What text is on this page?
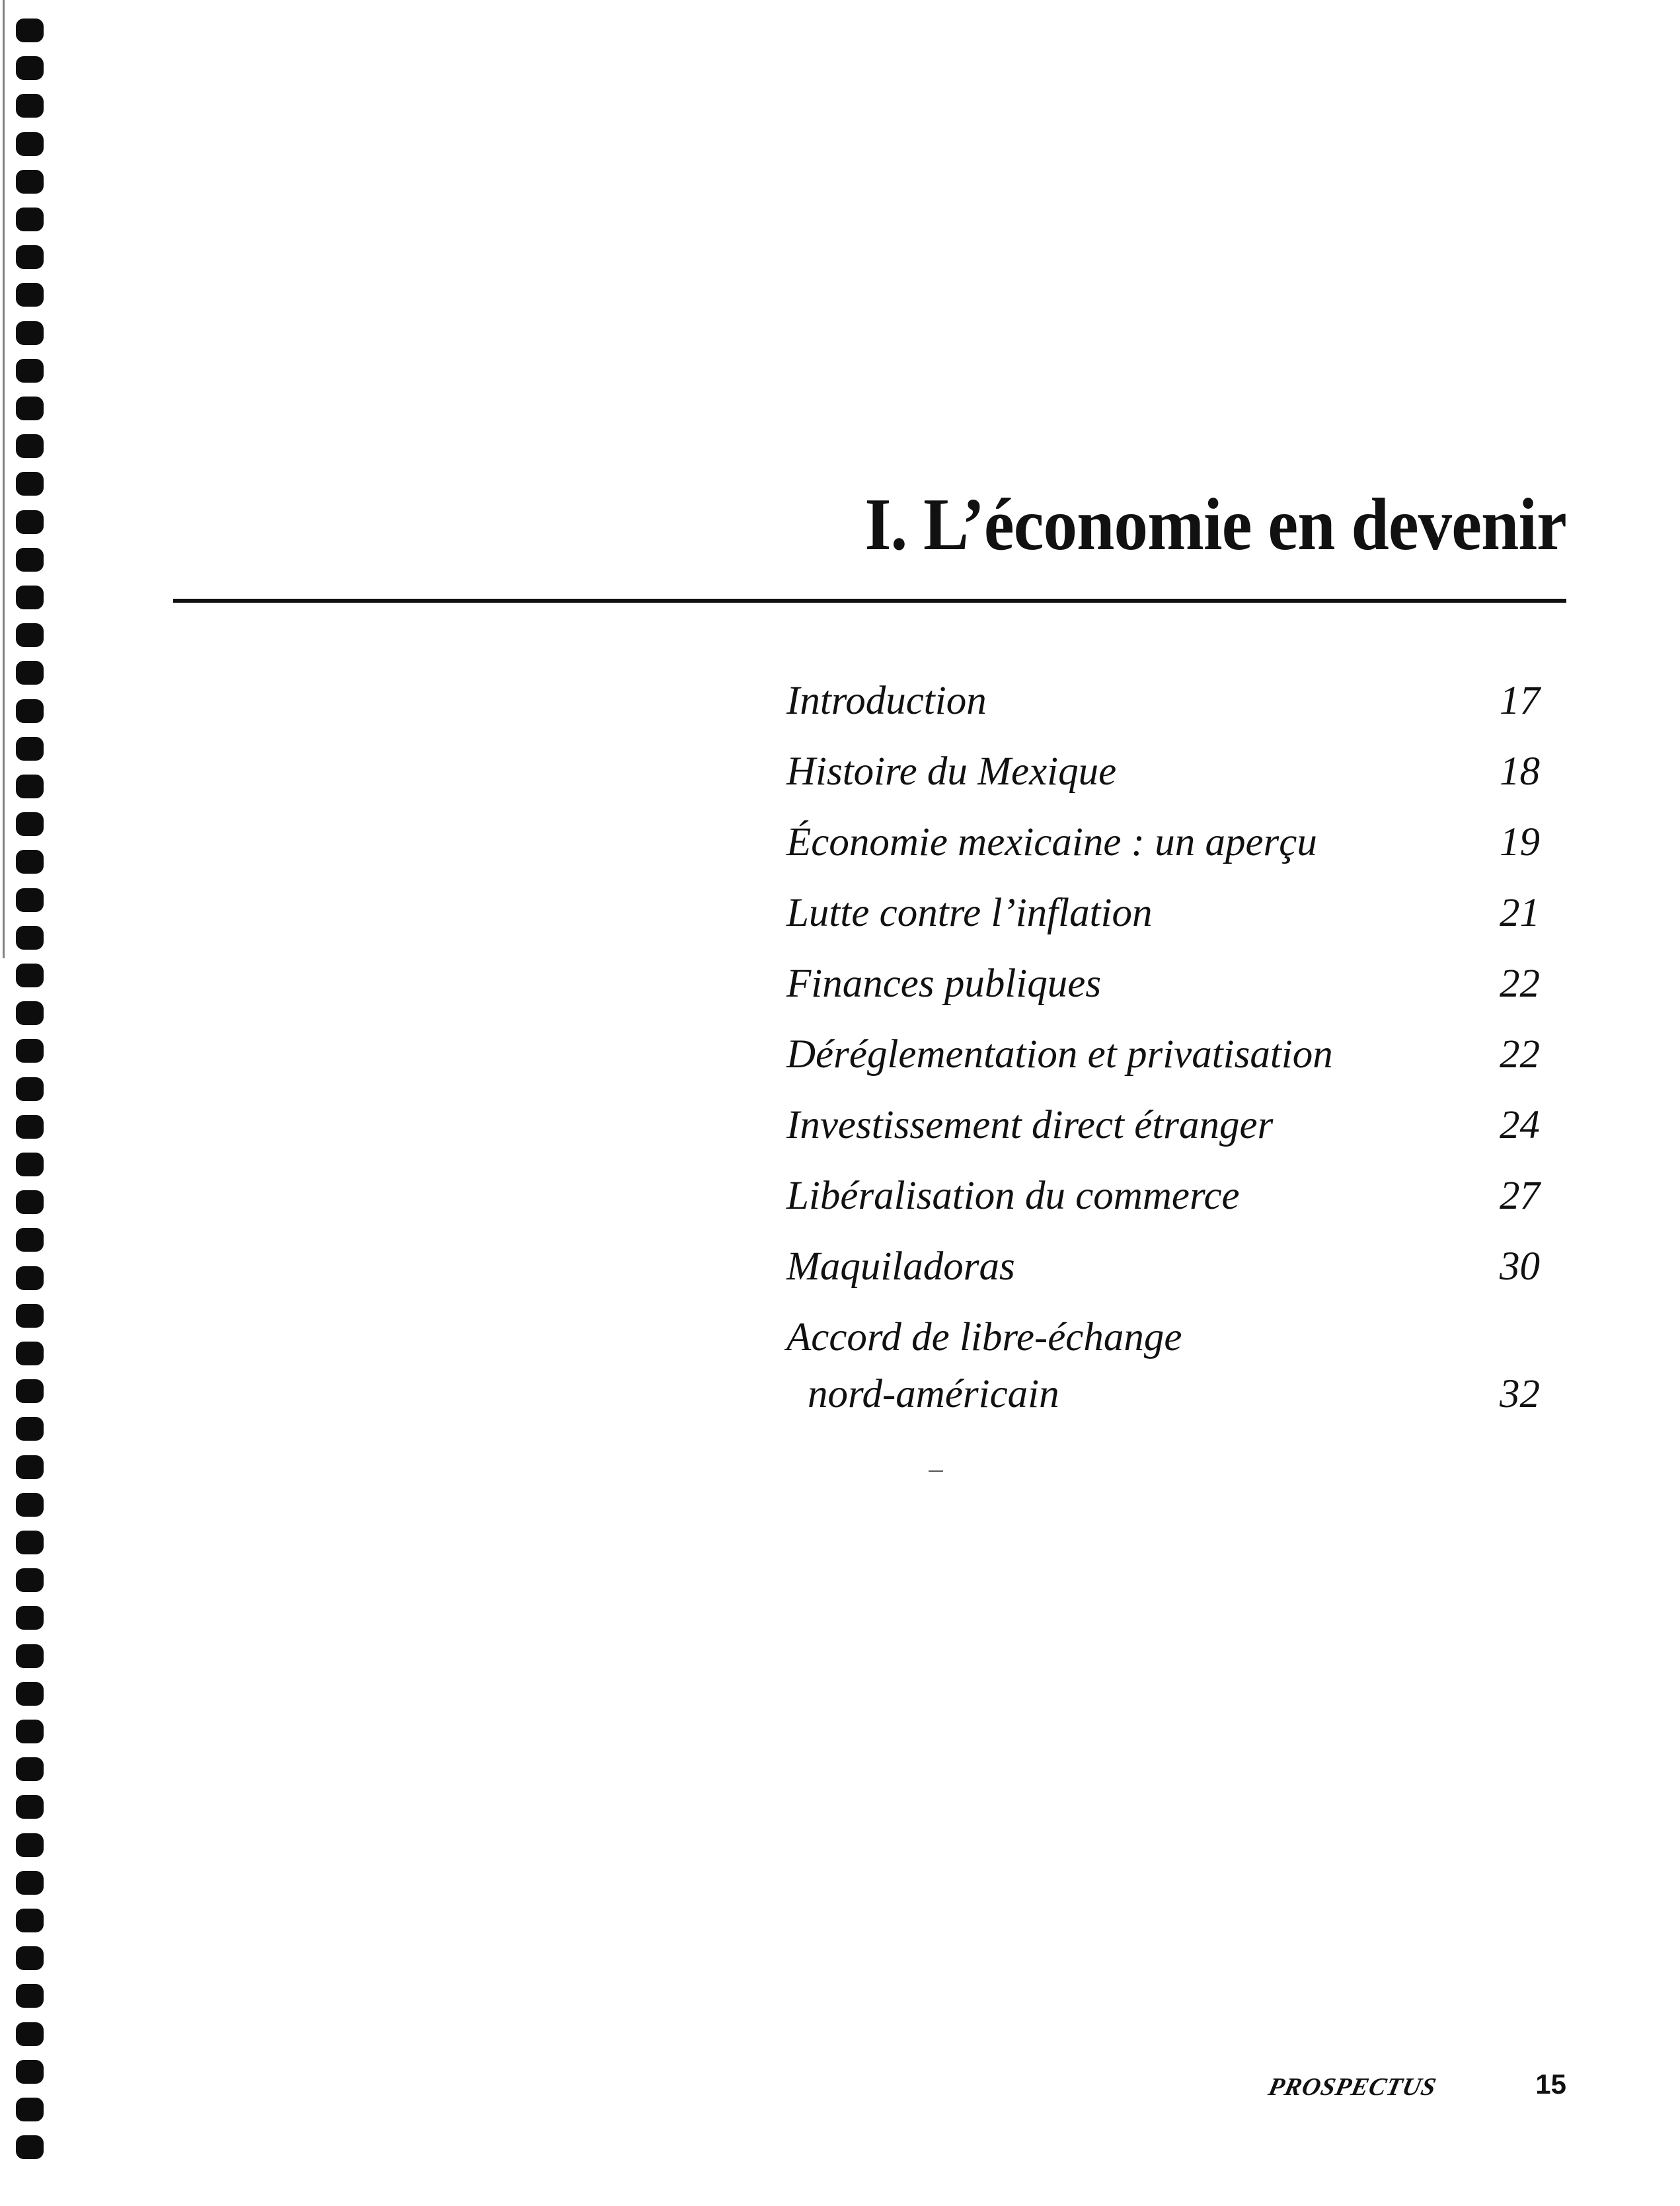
I. L’économie en devenir
Introduction	17
Histoire du Mexique	18
Économie mexicaine : un aperçu	19
Lutte contre l’inflation	21
Finances publiques	22
Déréglementation et privatisation	22
Investissement direct étranger	24
Libéralisation du commerce	27
Maquiladoras	30
Accord de libre-échange
nord-américain	32
PROSPECTUS	15
